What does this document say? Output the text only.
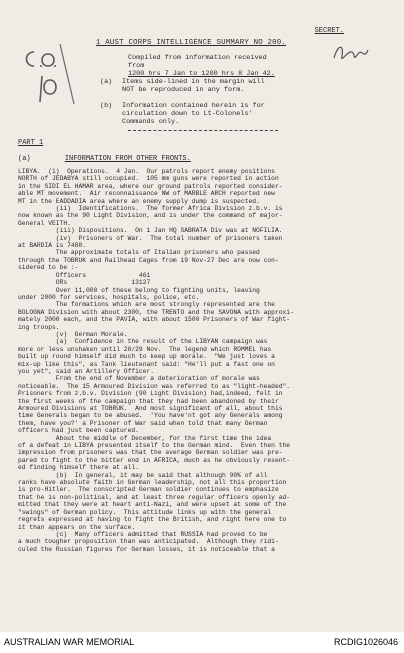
SECRET.
1 AUST CORPS INTELLIGENCE SUMMARY NO 200.
Compiled from information received from
1200 hrs 7 Jan to 1200 hrs 8 Jan 42.
(a) Items side-lined in the margin will
NOT be reproduced in any form.
(b) Information contained herein is for
circulation down to Lt-Colonels'
Commands only.
PART 1
(a)	INFORMATION FROM OTHER FRONTS.

LIBYA.  (i)  Operations.  4 Jan.  Our patrols report enemy positions

NORTH of JEDABYA still occupied.  105 mm guns were reported in action

in the SIDI EL HAMAR area, where our ground patrols reported consider-

able MT movement.  Air reconnaissance NW of MARBLE ARCH reported new

MT in the EADDADIA area where an enemy supply dump is suspected.

(ii)  Identifications.  The former Africa Division z.b.v. is

now known as the 90 Light Division, and is under the command of major-

General VEITH.

(iii) Dispositions.  On 1 Jan HQ SABRATA Div was at NOFILIA.

(iv)  Prisoners of War.  The total number of prisoners taken

at BARDIA is 7488.

The approximate totals of Italian prisoners who passed

through the TOBRUK and Railhead Cages from 19 Nov-27 Dec are now con-

sidered to be :-

Officers              461

ORs                 13127

Over 11,000 of these belong to fighting units, leaving

under 2000 for services, hospitals, police, etc.

The formations which are most strongly represented are the

BOLOGNA Division with about 2300, the TRENTO and the SAVONA with approxi-

mately 2000 each, and the PAVIA, with about 1500 Prisoners of War fight-

ing troops.

(v)  German Morale.

(a)  Confidence in the result of the LIBYAN campaign was

more or less unshaken until 28/29 Nov.  The legend which ROMMEL has

built up round himself did much to keep up morale.  "We just loves a

mix-up like this", as Tank lieutenant said: "He'll put a fast one on

you yet", said an Artillery Officer.

From the end of November a deterioration of morale was

noticeable.  The 15 Armoured Division was referred to as "light-headed".

Prisoners from z.b.v. Division (90 Light Division) had,indeed, felt in

the first weeks of the campaign that they had been abandoned by their

Armoured Divisions at TOBRUK.  And most significant of all, about this

time Generals began to be abused.  'You have'nt got any Generals among

them, have you?' a Prisoner of War said when told that many German

officers had just been captured.

About the middle of December, for the first time the idea

of a defeat in LIBYA presented itself to the German mind.  Even then the

impression from prisoners was that the average German soldier was pre-

pared to fight to the bitter end in AFRICA, much as he obviously resent-

ed finding himself there at all.

(b)  In general, it may be said that although 90% of all

ranks have absolute faith in German leadership, not all this proportion

is pro-Hitler.  The conscripted German soldier continues to emphasize

that he is non-political, and at least three regular officers openly ad-

mitted that they were at heart anti-Nazi, and were upset at some of the

"swings" of German policy.  This attitude links up with the general

regrets expressed at having to fight the British, and right here one to

it than appears on the surface.

(c)  Many officers admitted that RUSSIA had proved to be

a much tougher proposition than was anticipated.  Although they ridi-

culed the Russian figures for German losses, it is noticeable that a

AUSTRALIAN WAR MEMORIAL	RCDIG1026046
